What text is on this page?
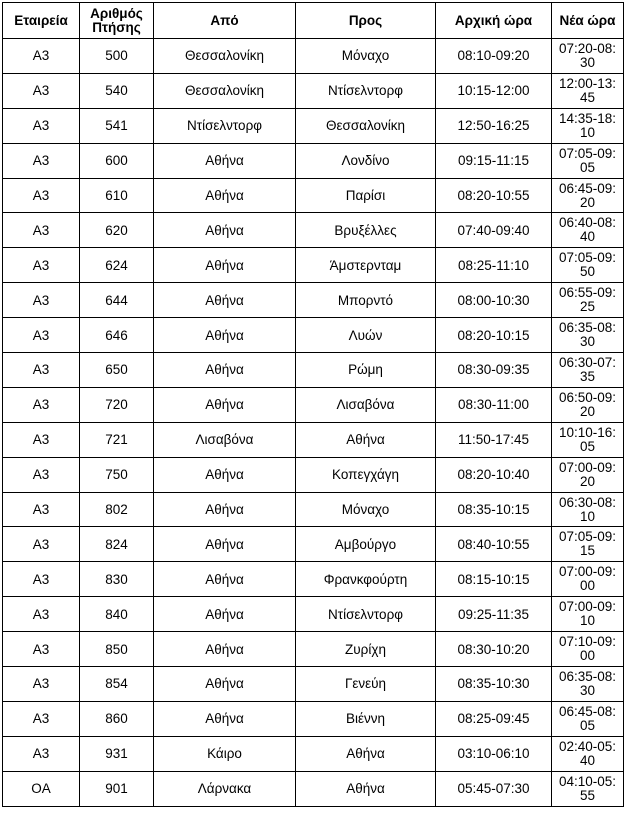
Εταιρεία	Αριθμός Πτήσης	Από	Προς	Αρχική ώρα	Νέα ώρα
A3	500	Θεσσαλονίκη	Μόναχο	08:10-09:20	07:20-08:30
A3	540	Θεσσαλονίκη	Ντίσελντορφ	10:15-12:00	12:00-13:45
A3	541	Ντίσελντορφ	Θεσσαλονίκη	12:50-16:25	14:35-18:10
A3	600	Αθήνα	Λονδίνο	09:15-11:15	07:05-09:05
A3	610	Αθήνα	Παρίσι	08:20-10:55	06:45-09:20
A3	620	Αθήνα	Βρυξέλλες	07:40-09:40	06:40-08:40
A3	624	Αθήνα	Άμστερνταμ	08:25-11:10	07:05-09:50
A3	644	Αθήνα	Μπορντό	08:00-10:30	06:55-09:25
A3	646	Αθήνα	Λυών	08:20-10:15	06:35-08:30
A3	650	Αθήνα	Ρώμη	08:30-09:35	06:30-07:35
A3	720	Αθήνα	Λισαβόνα	08:30-11:00	06:50-09:20
A3	721	Λισαβόνα	Αθήνα	11:50-17:45	10:10-16:05
A3	750	Αθήνα	Κοπεγχάγη	08:20-10:40	07:00-09:20
A3	802	Αθήνα	Μόναχο	08:35-10:15	06:30-08:10
A3	824	Αθήνα	Αμβούργο	08:40-10:55	07:05-09:15
A3	830	Αθήνα	Φρανκφούρτη	08:15-10:15	07:00-09:00
A3	840	Αθήνα	Ντίσελντορφ	09:25-11:35	07:00-09:10
A3	850	Αθήνα	Ζυρίχη	08:30-10:20	07:10-09:00
A3	854	Αθήνα	Γενεύη	08:35-10:30	06:35-08:30
A3	860	Αθήνα	Βιέννη	08:25-09:45	06:45-08:05
A3	931	Κάιρο	Αθήνα	03:10-06:10	02:40-05:40
OA	901	Λάρνακα	Αθήνα	05:45-07:30	04:10-05:55
